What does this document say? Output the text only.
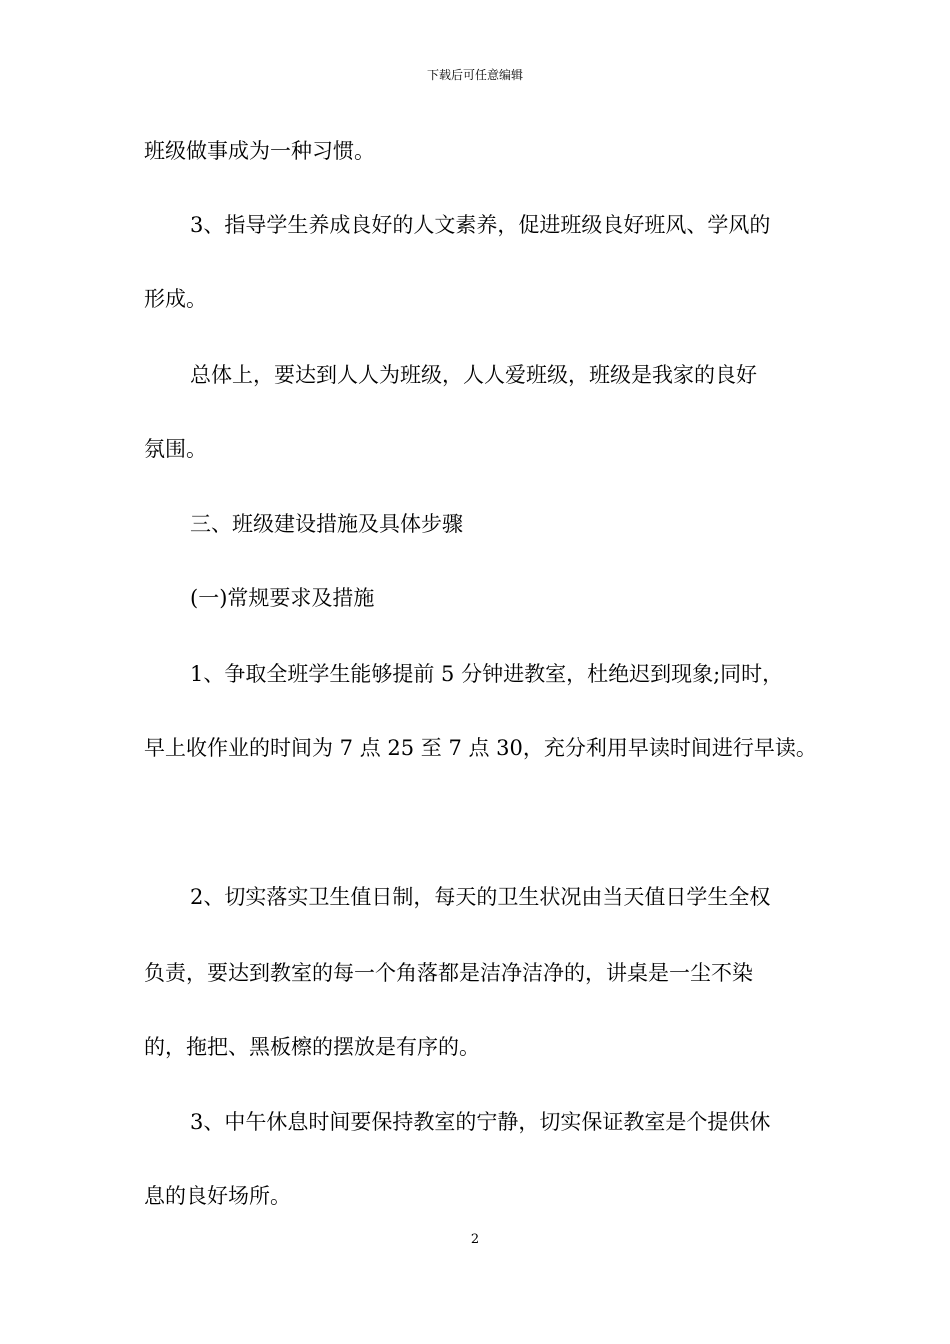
下载后可任意编辑
班级做事成为一种习惯。
3、指导学生养成良好的人文素养，促进班级良好班风、学风的
形成。
总体上，要达到人人为班级，人人爱班级，班级是我家的良好
氛围。
三、班级建设措施及具体步骤
(一)常规要求及措施
1、争取全班学生能够提前 5 分钟进教室，杜绝迟到现象;同时，
早上收作业的时间为 7 点 25 至 7 点 30，充分利用早读时间进行早读。
2、切实落实卫生值日制，每天的卫生状况由当天值日学生全权
负责，要达到教室的每一个角落都是洁净洁净的，讲桌是一尘不染
的，拖把、黑板檫的摆放是有序的。
3、中午休息时间要保持教室的宁静，切实保证教室是个提供休
息的良好场所。
2
